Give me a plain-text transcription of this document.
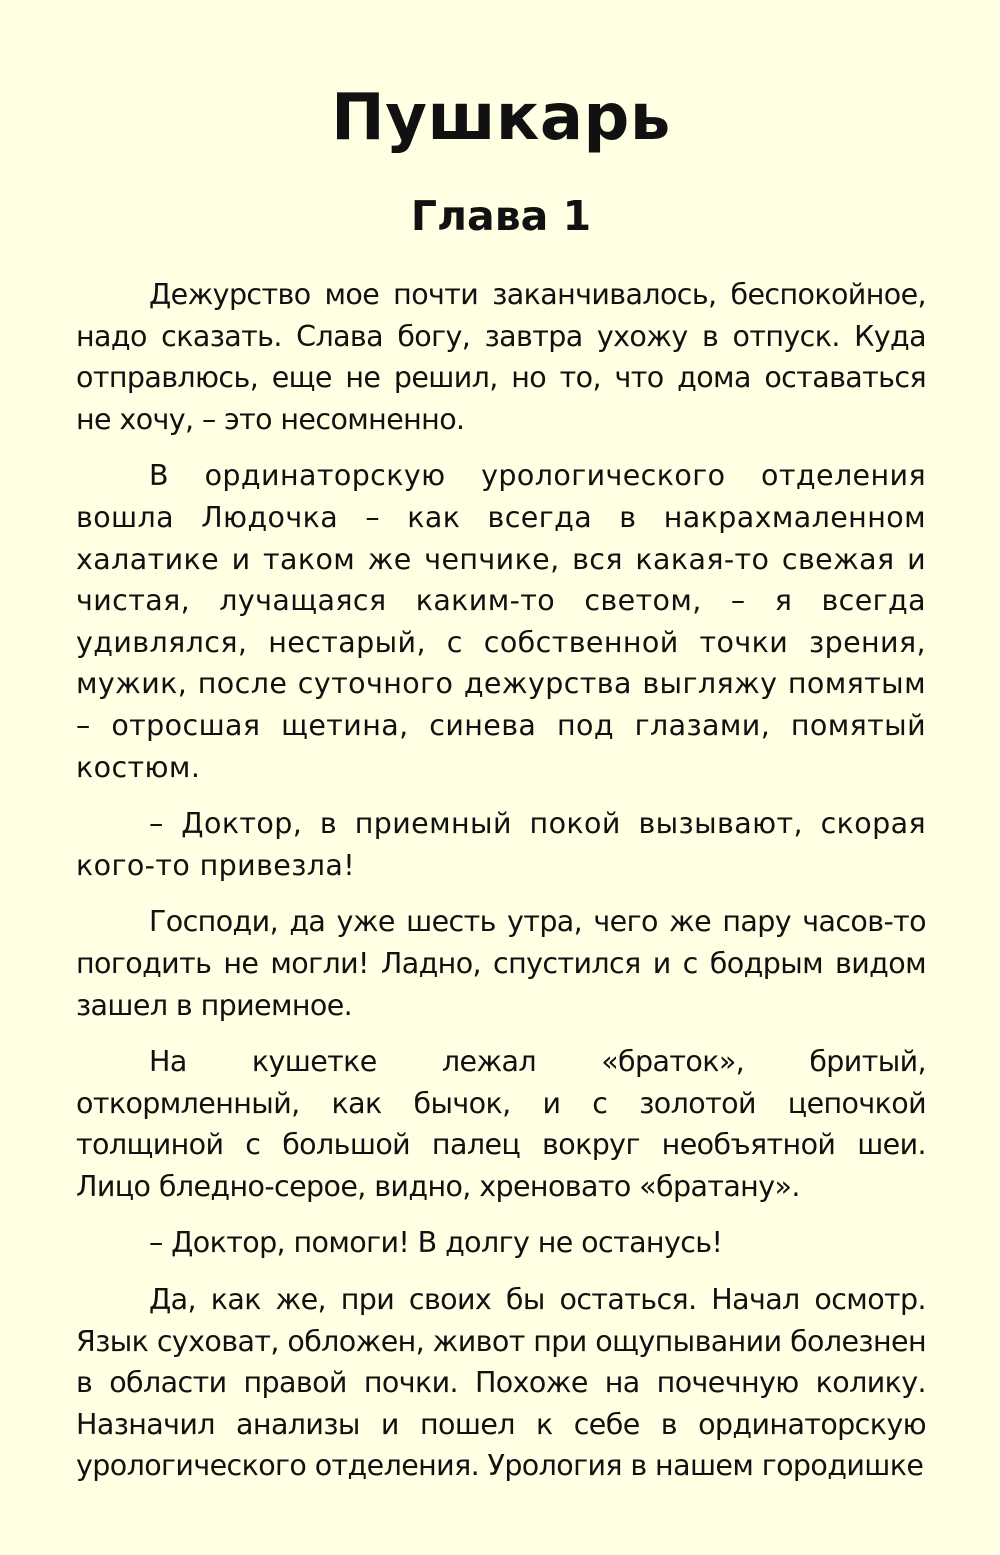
Пушкарь
Глава 1

Дежурство мое почти заканчивалось, беспокойное, надо сказать. Слава богу, завтра ухожу в отпуск. Куда отправлюсь, еще не решил, но то, что дома оставаться не хочу, – это несомненно.

В ординаторскую урологического отделения вошла Людочка – как всегда в накрахмаленном халатике и таком же чепчике, вся какая-то свежая и чистая, лучащаяся каким-то светом, – я всегда удивлялся, нестарый, с собственной точки зрения, мужик, после суточного дежурства выгляжу помятым – отросшая щетина, синева под глазами, помятый костюм.

– Доктор, в приемный покой вызывают, скорая кого-то привезла!

Господи, да уже шесть утра, чего же пару часов-то погодить не могли! Ладно, спустился и с бодрым видом зашел в приемное.

На кушетке лежал «браток», бритый, откормленный, как бычок, и с золотой цепочкой толщиной с большой палец вокруг необъятной шеи. Лицо бледно-серое, видно, хреновато «братану».

– Доктор, помоги! В долгу не останусь!

Да, как же, при своих бы остаться. Начал осмотр. Язык суховат, обложен, живот при ощупывании болезнен в области правой почки. Похоже на почечную колику. Назначил анализы и пошел к себе в ординаторскую урологического отделения. Урология в нашем городишке
